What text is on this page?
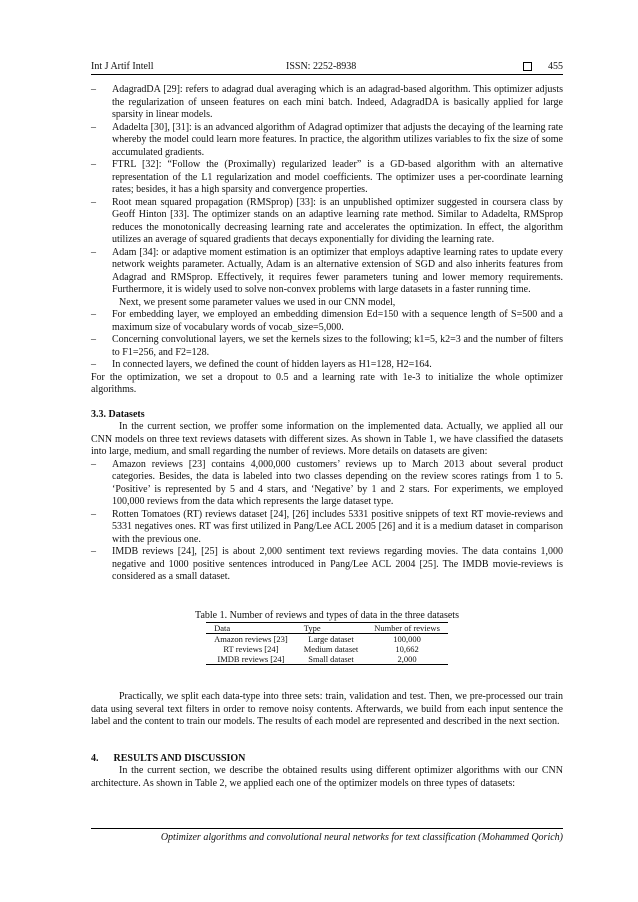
Int J Artif Intell	ISSN: 2252-8938	455
– AdagradDA [29]: refers to adagrad dual averaging which is an adagrad-based algorithm. This optimizer adjusts the regularization of unseen features on each mini batch. Indeed, AdagradDA is basically applied for large sparsity in linear models.
– Adadelta [30], [31]: is an advanced algorithm of Adagrad optimizer that adjusts the decaying of the learning rate whereby the model could learn more features. In practice, the algorithm utilizes variables to fix the size of some accumulated gradients.
– FTRL [32]: “Follow the (Proximally) regularized leader” is a GD-based algorithm with an alternative representation of the L1 regularization and model coefficients. The optimizer uses a per-coordinate learning rates; besides, it has a high sparsity and convergence properties.
– Root mean squared propagation (RMSprop) [33]: is an unpublished optimizer suggested in coursera class by Geoff Hinton [33]. The optimizer stands on an adaptive learning rate method. Similar to Adadelta, RMSprop reduces the monotonically decreasing learning rate and accelerates the optimization. In effect, the algorithm utilizes an average of squared gradients that decays exponentially for dividing the learning rate.
– Adam [34]: or adaptive moment estimation is an optimizer that employs adaptive learning rates to update every network weights parameter. Actually, Adam is an alternative extension of SGD and also inherits features from Adagrad and RMSprop. Effectively, it requires fewer parameters tuning and lower memory requirements. Furthermore, it is widely used to solve non-convex problems with large datasets in a faster running time.

Next, we present some parameter values we used in our CNN model,

– For embedding layer, we employed an embedding dimension Ed=150 with a sequence length of S=500 and a maximum size of vocabulary words of vocab_size=5,000.
– Concerning convolutional layers, we set the kernels sizes to the following; k1=5, k2=3 and the number of filters to F1=256, and F2=128.
– In connected layers, we defined the count of hidden layers as H1=128, H2=164.

For the optimization, we set a dropout to 0.5 and a learning rate with 1e-3 to initialize the whole optimizer algorithms.

3.3. Datasets

In the current section, we proffer some information on the implemented data. Actually, we applied all our CNN models on three text reviews datasets with different sizes. As shown in Table 1, we have classified the datasets into large, medium, and small regarding the number of reviews. More details on datasets are given:

– Amazon reviews [23] contains 4,000,000 customers’ reviews up to March 2013 about several product categories. Besides, the data is labeled into two classes depending on the review scores ratings from 1 to 5. ‘Positive’ is represented by 5 and 4 stars, and ‘Negative’ by 1 and 2 stars. For experiments, we employed 100,000 reviews from the data which represents the large dataset type.
– Rotten Tomatoes (RT) reviews dataset [24], [26] includes 5331 positive snippets of text RT movie-reviews and 5331 negatives ones. RT was first utilized in Pang/Lee ACL 2005 [26] and it is a medium dataset in comparison with the previous one.
– IMDB reviews [24], [25] is about 2,000 sentiment text reviews regarding movies. The data contains 1,000 negative and 1000 positive sentences introduced in Pang/Lee ACL 2004 [25]. The IMDB movie-reviews is considered as a small dataset.
Table 1. Number of reviews and types of data in the three datasets
Data	Type	Number of reviews
Amazon reviews [23]	Large dataset	100,000
RT reviews [24]	Medium dataset	10,662
IMDB reviews [24]	Small dataset	2,000

Practically, we split each data-type into three sets: train, validation and test. Then, we pre-processed our train data using several text filters in order to remove noisy contents. Afterwards, we build from each input sentence the label and the content to train our models. The results of each model are represented and described in the next section.

4.      RESULTS AND DISCUSSION

In the current section, we describe the obtained results using different optimizer algorithms with our CNN architecture. As shown in Table 2, we applied each one of the optimizer models on three types of datasets:

Optimizer algorithms and convolutional neural networks for text classification (Mohammed Qorich)
